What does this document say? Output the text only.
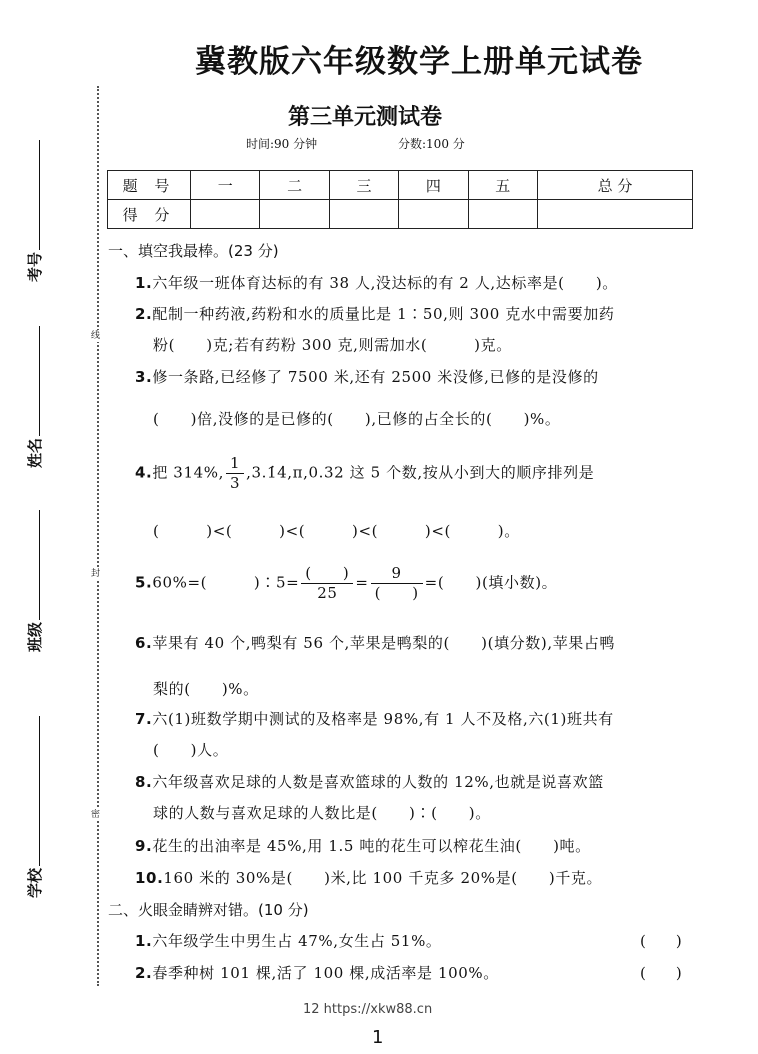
冀教版六年级数学上册单元试卷
第三单元测试卷
时间:90 分钟	分数:100 分
题 号	一	二	三	四	五	总 分
得 分						
线
封
密
考号
姓名
班级
学校
一、填空我最棒。(23 分)
1.六年级一班体育达标的有 38 人,没达标的有 2 人,达标率是(　　)。
2.配制一种药液,药粉和水的质量比是 1∶50,则 300 克水中需要加药
粉(　　)克;若有药粉 300 克,则需加水(　　　)克。
3.修一条路,已经修了 7500 米,还有 2500 米没修,已修的是没修的
(　　)倍,没修的是已修的(　　),已修的占全长的(　　)%。
4.把 314%, $\frac{1}{3}$ ,3.1̇4̇,π,0.32 这 5 个数,按从小到大的顺序排列是
(　　　)<(　　　)<(　　　)<(　　　)<(　　　)。
5.60%=(　　　)∶5= $\frac{( )}{25} = \frac{9}{( )}$ =(　　)(填小数)。
6.苹果有 40 个,鸭梨有 56 个,苹果是鸭梨的(　　)(填分数),苹果占鸭
梨的(　　)%。
7.六(1)班数学期中测试的及格率是 98%,有 1 人不及格,六(1)班共有
(　　)人。
8.六年级喜欢足球的人数是喜欢篮球的人数的 12%,也就是说喜欢篮
球的人数与喜欢足球的人数比是(　　)∶(　　)。
9.花生的出油率是 45%,用 1.5 吨的花生可以榨花生油(　　)吨。
10.160 米的 30%是(　　)米,比 100 千克多 20%是(　　)千克。
二、火眼金睛辨对错。(10 分)
1.六年级学生中男生占 47%,女生占 51%。	(　　)
2.春季种树 101 棵,活了 100 棵,成活率是 100%。	(　　)
12 https://xkw88.cn
1
